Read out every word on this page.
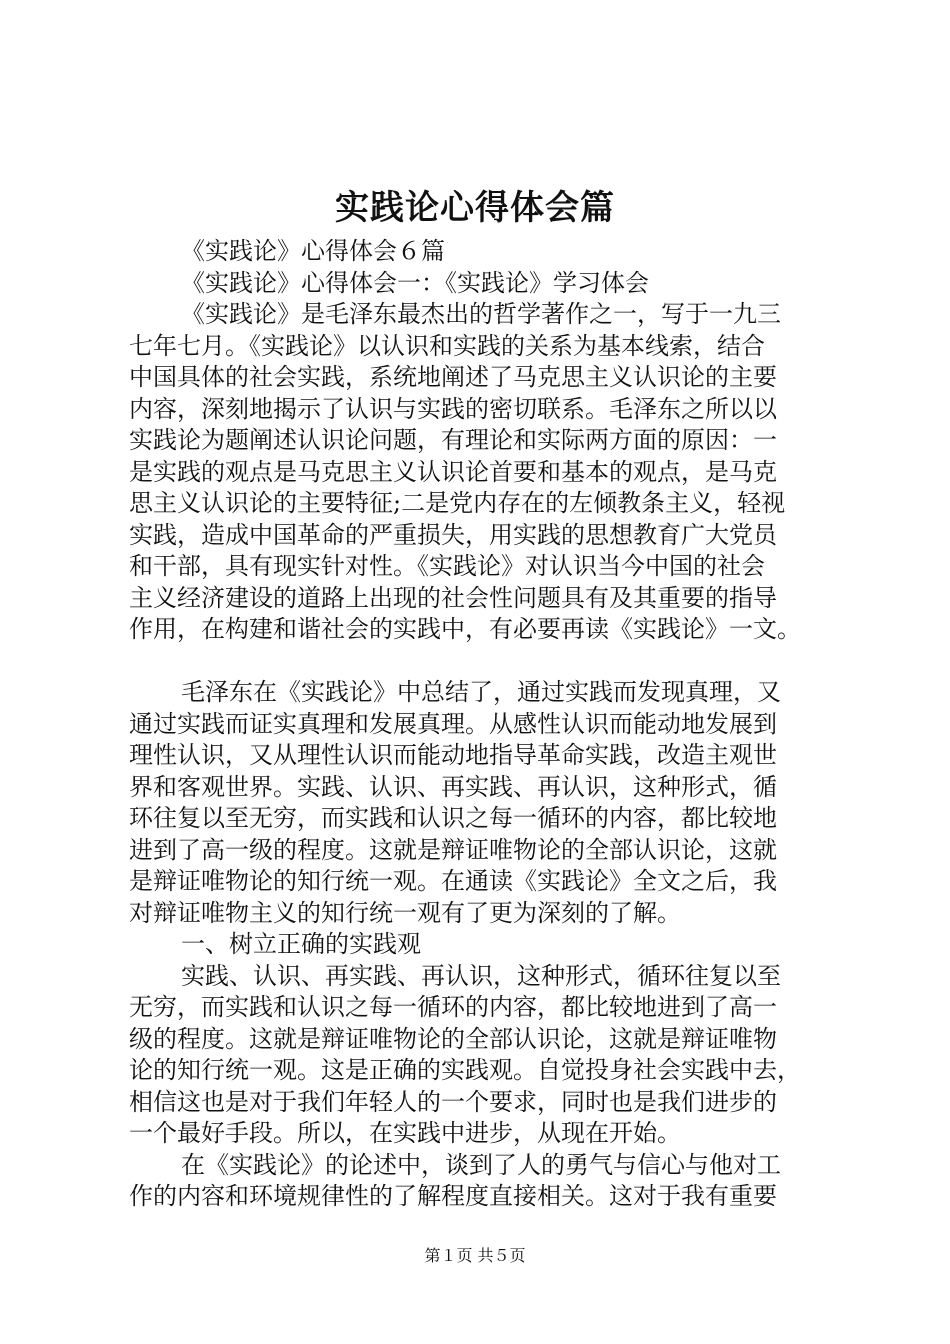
实践论心得体会篇
《实践论》心得体会６篇
《实践论》心得体会一：《实践论》学习体会
《实践论》是毛泽东最杰出的哲学著作之一，写于一九三
七年七月。《实践论》以认识和实践的关系为基本线索，结合
中国具体的社会实践，系统地阐述了马克思主义认识论的主要
内容，深刻地揭示了认识与实践的密切联系。毛泽东之所以以
实践论为题阐述认识论问题，有理论和实际两方面的原因：一
是实践的观点是马克思主义认识论首要和基本的观点，是马克
思主义认识论的主要特征;二是党内存在的左倾教条主义，轻视
实践，造成中国革命的严重损失，用实践的思想教育广大党员
和干部，具有现实针对性。《实践论》对认识当今中国的社会
主义经济建设的道路上出现的社会性问题具有及其重要的指导
作用，在构建和谐社会的实践中，有必要再读《实践论》一文。
毛泽东在《实践论》中总结了，通过实践而发现真理，又
通过实践而证实真理和发展真理。从感性认识而能动地发展到
理性认识，又从理性认识而能动地指导革命实践，改造主观世
界和客观世界。实践、认识、再实践、再认识，这种形式，循
环往复以至无穷，而实践和认识之每一循环的内容，都比较地
进到了高一级的程度。这就是辩证唯物论的全部认识论，这就
是辩证唯物论的知行统一观。在通读《实践论》全文之后，我
对辩证唯物主义的知行统一观有了更为深刻的了解。
一、树立正确的实践观
实践、认识、再实践、再认识，这种形式，循环往复以至
无穷，而实践和认识之每一循环的内容，都比较地进到了高一
级的程度。这就是辩证唯物论的全部认识论，这就是辩证唯物
论的知行统一观。这是正确的实践观。自觉投身社会实践中去，
相信这也是对于我们年轻人的一个要求，同时也是我们进步的
一个最好手段。所以，在实践中进步，从现在开始。
在《实践论》的论述中，谈到了人的勇气与信心与他对工
作的内容和环境规律性的了解程度直接相关。这对于我有重要
第１页 共５页
